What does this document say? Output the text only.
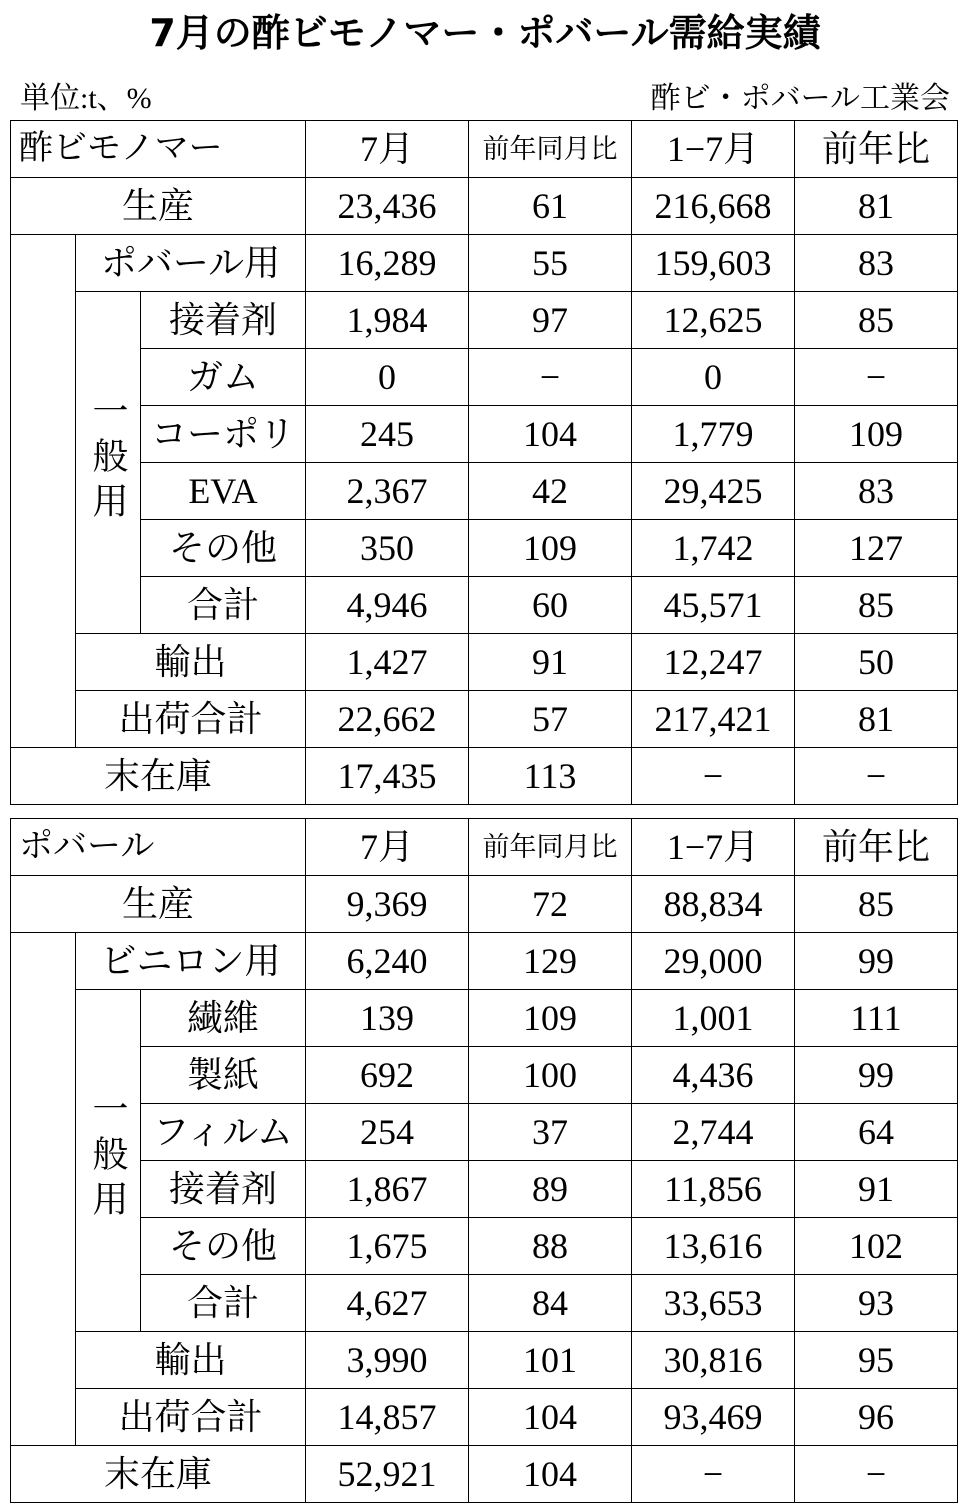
7月の酢ビモノマー・ポバール需給実績
単位:t、%	酢ビ・ポバール工業会
酢ビモノマー			7月	前年同月比	1−7月	前年比
生産			23,436	61	216,668	81
	ポバール用		16,289	55	159,603	83
	一般用	接着剤	1,984	97	12,625	85
		ガム	0	−	0	−
		コーポリ	245	104	1,779	109
		EVA	2,367	42	29,425	83
		その他	350	109	1,742	127
		合計	4,946	60	45,571	85
	輸出		1,427	91	12,247	50
	出荷合計		22,662	57	217,421	81
末在庫			17,435	113	−	−
ポバール			7月	前年同月比	1−7月	前年比
生産			9,369	72	88,834	85
	ビニロン用		6,240	129	29,000	99
	一般用	繊維	139	109	1,001	111
		製紙	692	100	4,436	99
		フィルム	254	37	2,744	64
		接着剤	1,867	89	11,856	91
		その他	1,675	88	13,616	102
		合計	4,627	84	33,653	93
	輸出		3,990	101	30,816	95
	出荷合計		14,857	104	93,469	96
末在庫			52,921	104	−	−
